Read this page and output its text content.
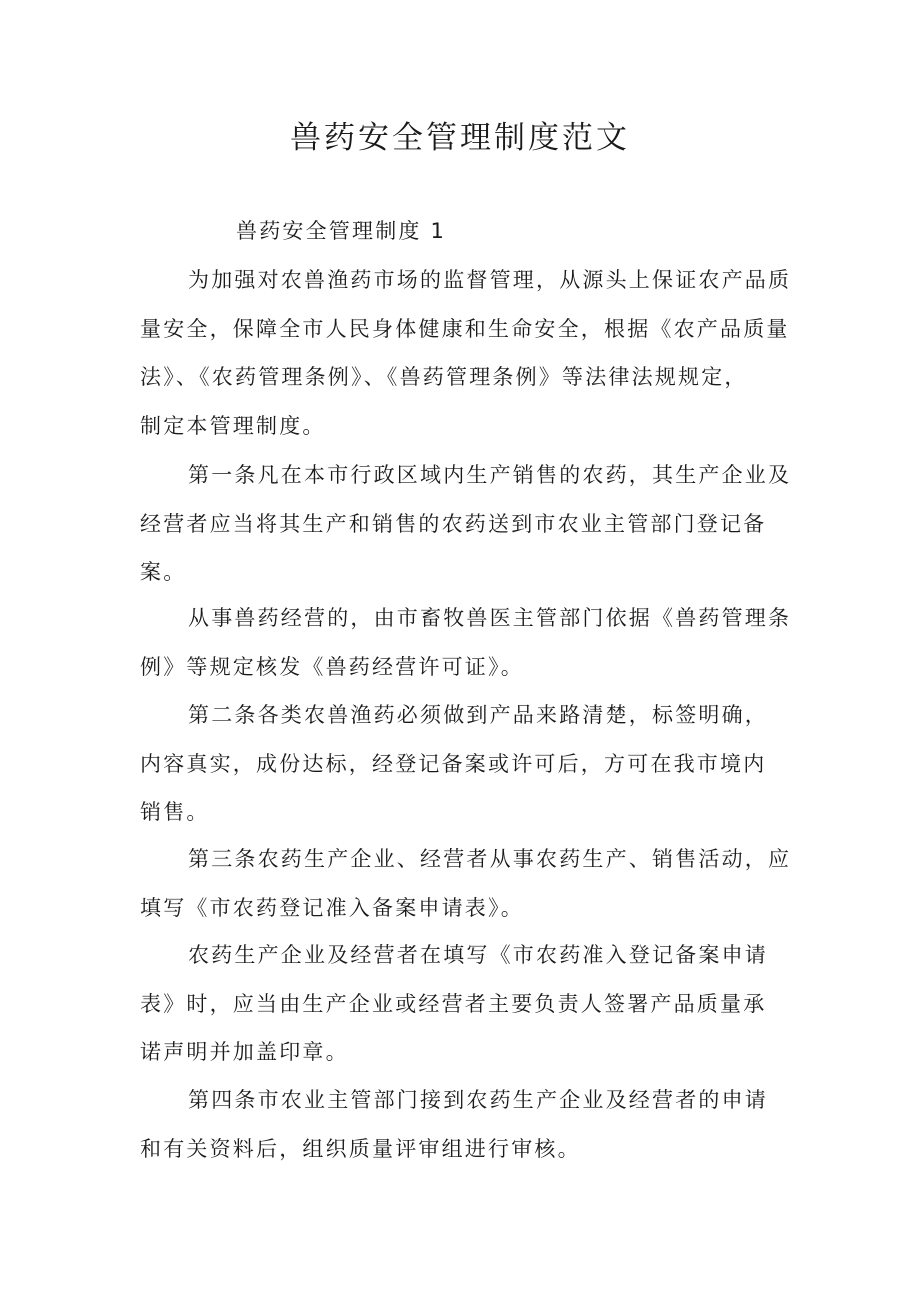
兽药安全管理制度范文
兽药安全管理制度 1
为加强对农兽渔药市场的监督管理，从源头上保证农产品质
量安全，保障全市人民身体健康和生命安全，根据《农产品质量
法》、《农药管理条例》、《兽药管理条例》等法律法规规定，
制定本管理制度。
第一条凡在本市行政区域内生产销售的农药，其生产企业及
经营者应当将其生产和销售的农药送到市农业主管部门登记备
案。
从事兽药经营的，由市畜牧兽医主管部门依据《兽药管理条
例》等规定核发《兽药经营许可证》。
第二条各类农兽渔药必须做到产品来路清楚，标签明确，
内容真实，成份达标，经登记备案或许可后，方可在我市境内
销售。
第三条农药生产企业、经营者从事农药生产、销售活动，应
填写《市农药登记准入备案申请表》。
农药生产企业及经营者在填写《市农药准入登记备案申请
表》时，应当由生产企业或经营者主要负责人签署产品质量承
诺声明并加盖印章。
第四条市农业主管部门接到农药生产企业及经营者的申请
和有关资料后，组织质量评审组进行审核。
